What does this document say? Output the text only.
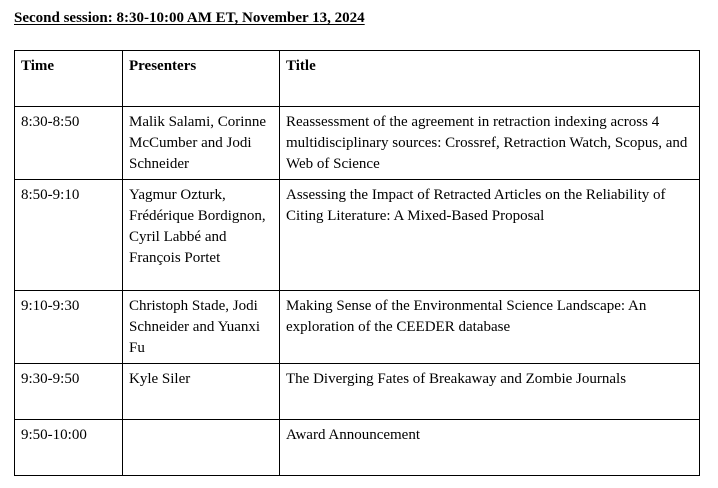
Second session: 8:30-10:00 AM ET, November 13, 2024
Time	Presenters	Title
8:30-8:50	Malik Salami, Corinne McCumber and Jodi Schneider	Reassessment of the agreement in retraction indexing across 4 multidisciplinary sources: Crossref, Retraction Watch, Scopus, and Web of Science
8:50-9:10	Yagmur Ozturk, Frédérique Bordignon, Cyril Labbé and François Portet	Assessing the Impact of Retracted Articles on the Reliability of Citing Literature: A Mixed-Based Proposal
9:10-9:30	Christoph Stade, Jodi Schneider and Yuanxi Fu	Making Sense of the Environmental Science Landscape: An exploration of the CEEDER database
9:30-9:50	Kyle Siler	The Diverging Fates of Breakaway and Zombie Journals
9:50-10:00		Award Announcement
